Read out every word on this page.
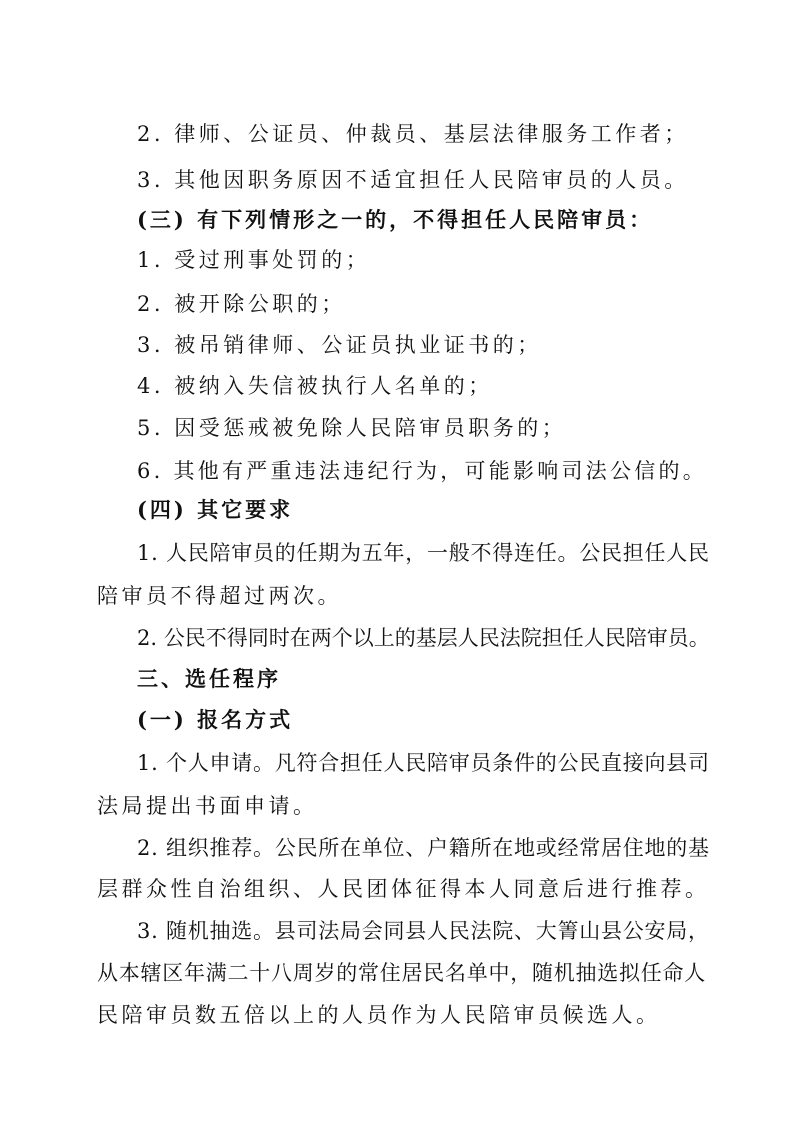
2. 律师、公证员、仲裁员、基层法律服务工作者；
3. 其他因职务原因不适宜担任人民陪审员的人员。
(三) 有下列情形之一的，不得担任人民陪审员：
1. 受过刑事处罚的；
2. 被开除公职的；
3. 被吊销律师、公证员执业证书的；
4. 被纳入失信被执行人名单的；
5. 因受惩戒被免除人民陪审员职务的；
6. 其他有严重违法违纪行为，可能影响司法公信的。
(四) 其它要求
1. 人民陪审员的任期为五年，一般不得连任。公民担任人民
陪审员不得超过两次。
2. 公民不得同时在两个以上的基层人民法院担任人民陪审员。
三、选任程序
(一) 报名方式
1. 个人申请。凡符合担任人民陪审员条件的公民直接向县司
法局提出书面申请。
2. 组织推荐。公民所在单位、户籍所在地或经常居住地的基
层群众性自治组织、人民团体征得本人同意后进行推荐。
3. 随机抽选。县司法局会同县人民法院、大箐山县公安局，
从本辖区年满二十八周岁的常住居民名单中，随机抽选拟任命人
民陪审员数五倍以上的人员作为人民陪审员候选人。
